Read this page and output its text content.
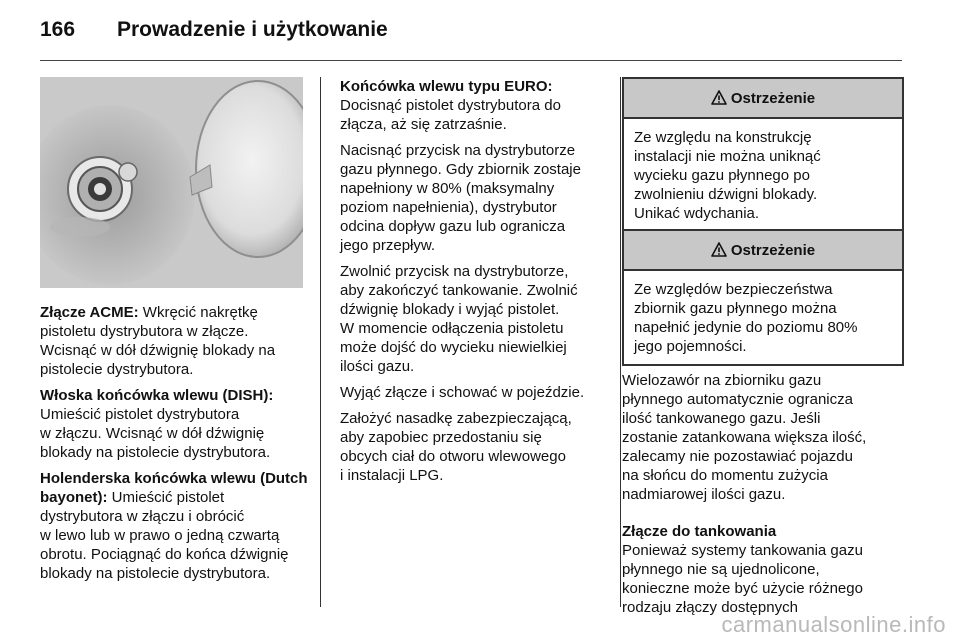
166 Prowadzenie i użytkowanie

Złącze ACME: Wkręcić nakrętkę
pistoletu dystrybutora w złącze.
Wcisnąć w dół dźwignię blokady na
pistolecie dystrybutora.

Włoska końcówka wlewu (DISH):
Umieścić pistolet dystrybutora
w złączu. Wcisnąć w dół dźwignię
blokady na pistolecie dystrybutora.

Holenderska końcówka wlewu (Dutch
bayonet): Umieścić pistolet
dystrybutora w złączu i obrócić
w lewo lub w prawo o jedną czwartą
obrotu. Pociągnąć do końca dźwignię
blokady na pistolecie dystrybutora.

Końcówka wlewu typu EURO:
Docisnąć pistolet dystrybutora do
złącza, aż się zatrzaśnie.

Nacisnąć przycisk na dystrybutorze
gazu płynnego. Gdy zbiornik zostaje
napełniony w 80% (maksymalny
poziom napełnienia), dystrybutor
odcina dopływ gazu lub ogranicza
jego przepływ.

Zwolnić przycisk na dystrybutorze,
aby zakończyć tankowanie. Zwolnić
dźwignię blokady i wyjąć pistolet.
W momencie odłączenia pistoletu
może dojść do wycieku niewielkiej
ilości gazu.

Wyjąć złącze i schować w pojeździe.

Założyć nasadkę zabezpieczającą,
aby zapobiec przedostaniu się
obcych ciał do otworu wlewowego
i instalacji LPG.

Ostrzeżenie
Ze względu na konstrukcję
instalacji nie można uniknąć
wycieku gazu płynnego po
zwolnieniu dźwigni blokady.
Unikać wdychania.
Ostrzeżenie
Ze względów bezpieczeństwa
zbiornik gazu płynnego można
napełnić jedynie do poziomu 80%
jego pojemności.

Wielozawór na zbiorniku gazu
płynnego automatycznie ogranicza
ilość tankowanego gazu. Jeśli
zostanie zatankowana większa ilość,
zalecamy nie pozostawiać pojazdu
na słońcu do momentu zużycia
nadmiarowej ilości gazu.

Złącze do tankowania
Ponieważ systemy tankowania gazu
płynnego nie są ujednolicone,
konieczne może być użycie różnego
rodzaju złączy dostępnych

carmanualsonline.info
